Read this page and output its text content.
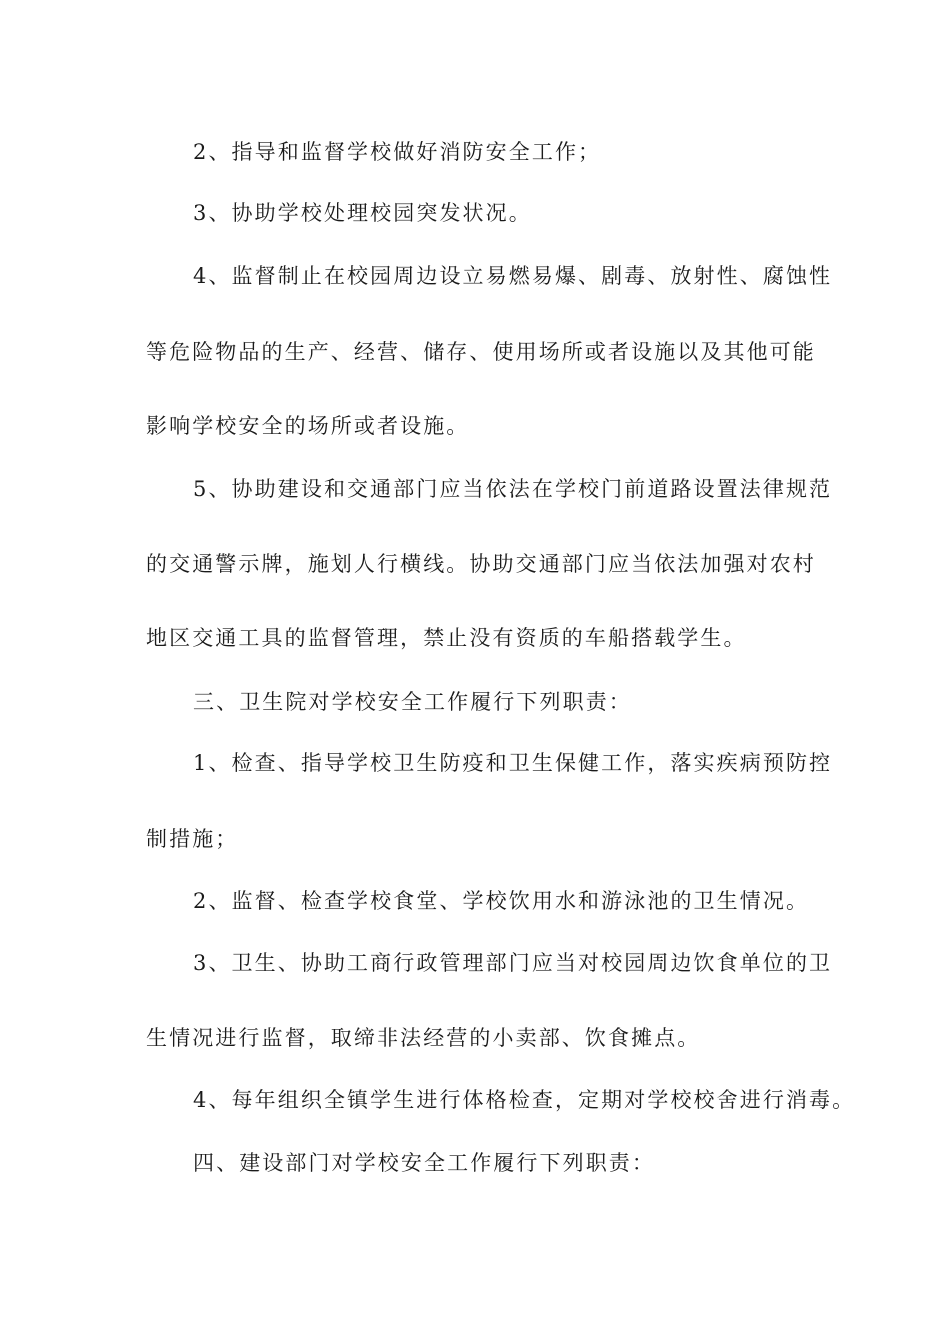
2、指导和监督学校做好消防安全工作；
3、协助学校处理校园突发状况。
4、监督制止在校园周边设立易燃易爆、剧毒、放射性、腐蚀性
等危险物品的生产、经营、储存、使用场所或者设施以及其他可能
影响学校安全的场所或者设施。
5、协助建设和交通部门应当依法在学校门前道路设置法律规范
的交通警示牌，施划人行横线。协助交通部门应当依法加强对农村
地区交通工具的监督管理，禁止没有资质的车船搭载学生。
三、卫生院对学校安全工作履行下列职责：
1、检查、指导学校卫生防疫和卫生保健工作，落实疾病预防控
制措施；
2、监督、检查学校食堂、学校饮用水和游泳池的卫生情况。
3、卫生、协助工商行政管理部门应当对校园周边饮食单位的卫
生情况进行监督，取缔非法经营的小卖部、饮食摊点。
4、每年组织全镇学生进行体格检查，定期对学校校舍进行消毒。
四、建设部门对学校安全工作履行下列职责：
